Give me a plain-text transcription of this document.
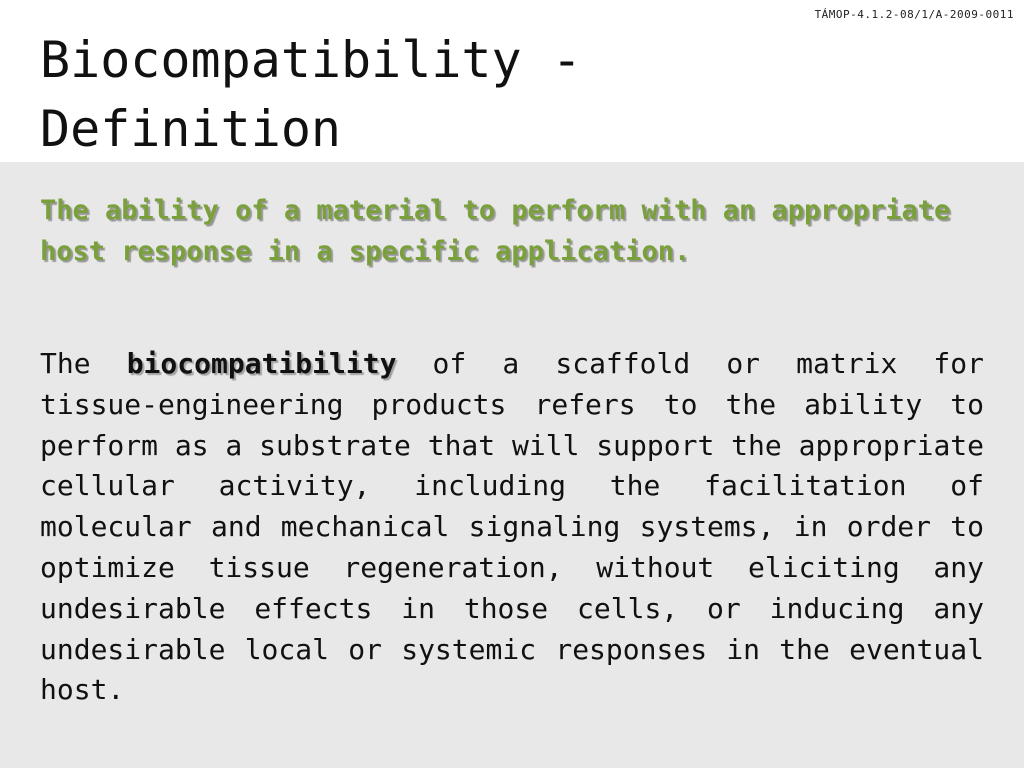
TÁMOP-4.1.2-08/1/A-2009-0011
Biocompatibility -
Definition

The ability of a material to perform with an appropriate host response in a specific application.

The biocompatibility of a scaffold or matrix for tissue-engineering products refers to the ability to perform as a substrate that will support the appropriate cellular activity, including the facilitation of molecular and mechanical signaling systems, in order to optimize tissue regeneration, without eliciting any undesirable effects in those cells, or inducing any undesirable local or systemic responses in the eventual host.
